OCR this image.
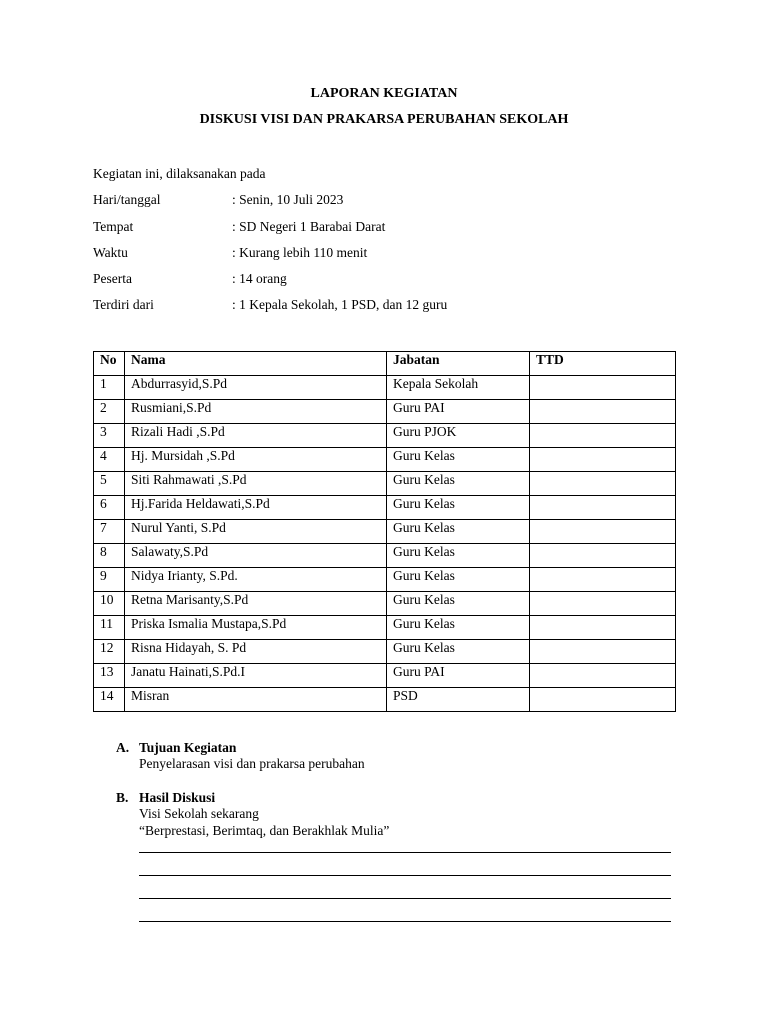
LAPORAN KEGIATAN
DISKUSI VISI DAN PRAKARSA PERUBAHAN SEKOLAH
Kegiatan ini, dilaksanakan pada
Hari/tanggal	: Senin, 10 Juli 2023
Tempat	: SD Negeri 1 Barabai Darat
Waktu	: Kurang lebih 110 menit
Peserta	: 14 orang
Terdiri dari	: 1 Kepala Sekolah, 1 PSD, dan 12 guru
No	Nama	Jabatan	TTD
1	Abdurrasyid,S.Pd	Kepala Sekolah	
2	Rusmiani,S.Pd	Guru PAI	
3	Rizali Hadi ,S.Pd	Guru PJOK	
4	Hj. Mursidah ,S.Pd	Guru Kelas	
5	Siti Rahmawati ,S.Pd	Guru Kelas	
6	Hj.Farida Heldawati,S.Pd	Guru Kelas	
7	Nurul Yanti, S.Pd	Guru Kelas	
8	Salawaty,S.Pd	Guru Kelas	
9	Nidya Irianty, S.Pd.	Guru Kelas	
10	Retna Marisanty,S.Pd	Guru Kelas	
11	Priska Ismalia Mustapa,S.Pd	Guru Kelas	
12	Risna Hidayah, S. Pd	Guru Kelas	
13	Janatu Hainati,S.Pd.I	Guru PAI	
14	Misran	PSD	
A. Tujuan Kegiatan
Penyelarasan visi dan prakarsa perubahan
B. Hasil Diskusi
Visi Sekolah sekarang
“Berprestasi, Berimtaq, dan Berakhlak Mulia”
